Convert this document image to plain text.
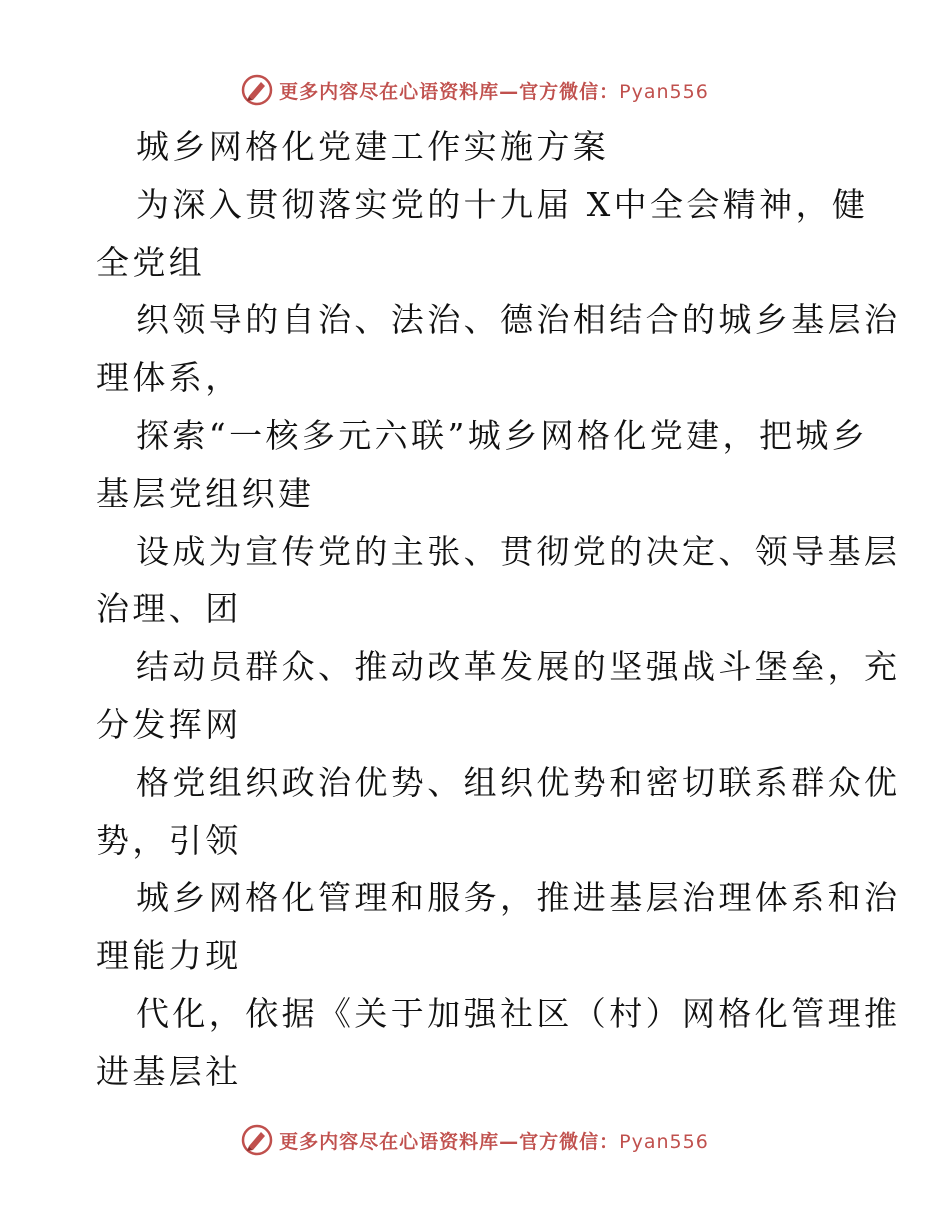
更多内容尽在心语资料库—官方微信：Pyan556
城乡网格化党建工作实施方案
为深入贯彻落实党的十九届 X中全会精神，健
全党组
织领导的自治、法治、德治相结合的城乡基层治
理体系，
探索“一核多元六联”城乡网格化党建，把城乡
基层党组织建
设成为宣传党的主张、贯彻党的决定、领导基层
治理、团
结动员群众、推动改革发展的坚强战斗堡垒，充
分发挥网
格党组织政治优势、组织优势和密切联系群众优
势，引领
城乡网格化管理和服务，推进基层治理体系和治
理能力现
代化，依据《关于加强社区（村）网格化管理推
进基层社
更多内容尽在心语资料库—官方微信：Pyan556
